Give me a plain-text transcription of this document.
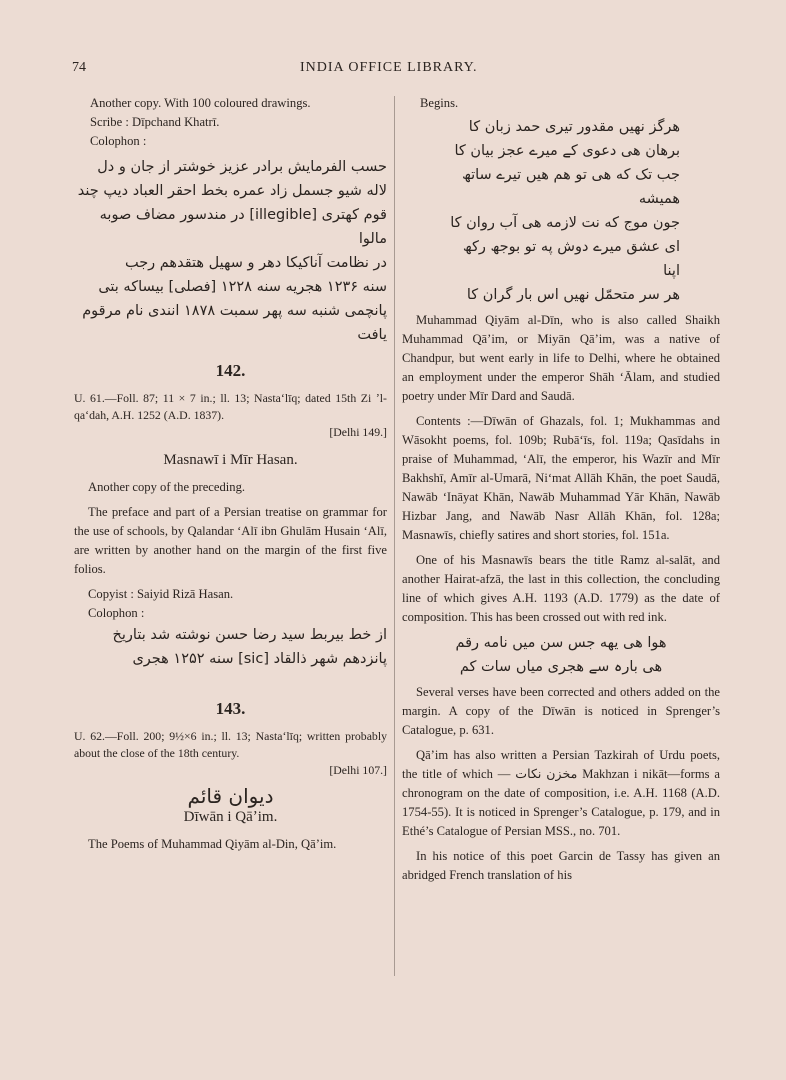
74	INDIA OFFICE LIBRARY.

Another copy. With 100 coloured drawings.

Scribe : Dīpchand Khatrī.

Colophon :

حسب الفرمایش برادر عزیز خوشتر از جان و دل

لاله شیو جسمل زاد عمره بخط احقر العباد دیپ چند

قوم کهتری [illegible] در مندسور مضاف صوبه مالوا

در نظامت آناکیکا دهر و سهیل هتقدهم رجب

سنه ۱۲۳۶ هجریه سنه ۱۲۲۸ [فصلی] بیساکه بتی

پانچمی شنبه سه پهر سمبت ۱۸۷۸ انندی نام مرقوم

یافت

142.

U. 61.—Foll. 87; 11 × 7 in.; ll. 13; Nastaʻlīq; dated 15th Zi ʼl-qaʻdah, A.H. 1252 (A.D. 1837).

[Delhi 149.]

Masnawī i Mīr Hasan.

Another copy of the preceding.

The preface and part of a Persian treatise on grammar for the use of schools, by Qalandar ʻAlī ibn Ghulām Husain ʻAlī, are written by another hand on the margin of the first five folios.

Copyist : Saiyid Rizā Hasan.

Colophon :

از خط بیربط سید رضا حسن نوشته شد بتاریخ

پانزدهم شهر ذالقاد [sic] سنه ۱۲۵۲ هجری

143.

U. 62.—Foll. 200; 9½×6 in.; ll. 13; Nastaʻlīq; written probably about the close of the 18th century.

[Delhi 107.]

دیوان قائم
Dīwān i Qāʼim.

The Poems of Muhammad Qiyām al-Din, Qāʼim.

Begins.

هرگز نهیں مقدور تیری حمد زبان کا

برهان هی دعوی کے میرے عجز بیان کا

جب تک که هی تو هم هیں تیرے ساتھ همیشه

جون موج که نت لازمه هی آب روان کا

ای عشق میرے دوش په تو بوجھ رکھ اپنا

هر سر متحمّل نهیں اس بار گران کا

Muhammad Qiyām al-Dīn, who is also called Shaikh Muhammad Qāʼim, or Miyān Qāʼim, was a native of Chandpur, but went early in life to Delhi, where he obtained an employment under the emperor Shāh ʻĀlam, and studied poetry under Mīr Dard and Saudā.

Contents :—Dīwān of Ghazals, fol. 1; Mukhammas and Wāsokht poems, fol. 109b; Rubāʻīs, fol. 119a; Qasīdahs in praise of Muhammad, ʻAlī, the emperor, his Wazīr and Mīr Bakhshī, Amīr al-Umarā, Niʻmat Allāh Khān, the poet Saudā, Nawāb ʻInāyat Khān, Nawāb Muhammad Yār Khān, Nawāb Hizbar Jang, and Nawāb Nasr Allāh Khān, fol. 128a; Masnawīs, chiefly satires and short stories, fol. 151a.

One of his Masnawīs bears the title Ramz al-salāt, and another Hairat-afzā, the last in this collection, the concluding line of which gives A.H. 1193 (A.D. 1779) as the date of composition. This has been crossed out with red ink.

هوا هی یهه جس سن میں نامه رقم

هی بارہ سے هجری میاں سات کم

Several verses have been corrected and others added on the margin. A copy of the Dīwān is noticed in Sprenger’s Catalogue, p. 631.

Qāʼim has also written a Persian Tazkirah of Urdu poets, the title of which — مخزن نکات Makhzan i nikāt—forms a chronogram on the date of composition, i.e. A.H. 1168 (A.D. 1754-55). It is noticed in Sprenger’s Catalogue, p. 179, and in Ethé’s Catalogue of Persian MSS., no. 701.

In his notice of this poet Garcin de Tassy has given an abridged French translation of his
